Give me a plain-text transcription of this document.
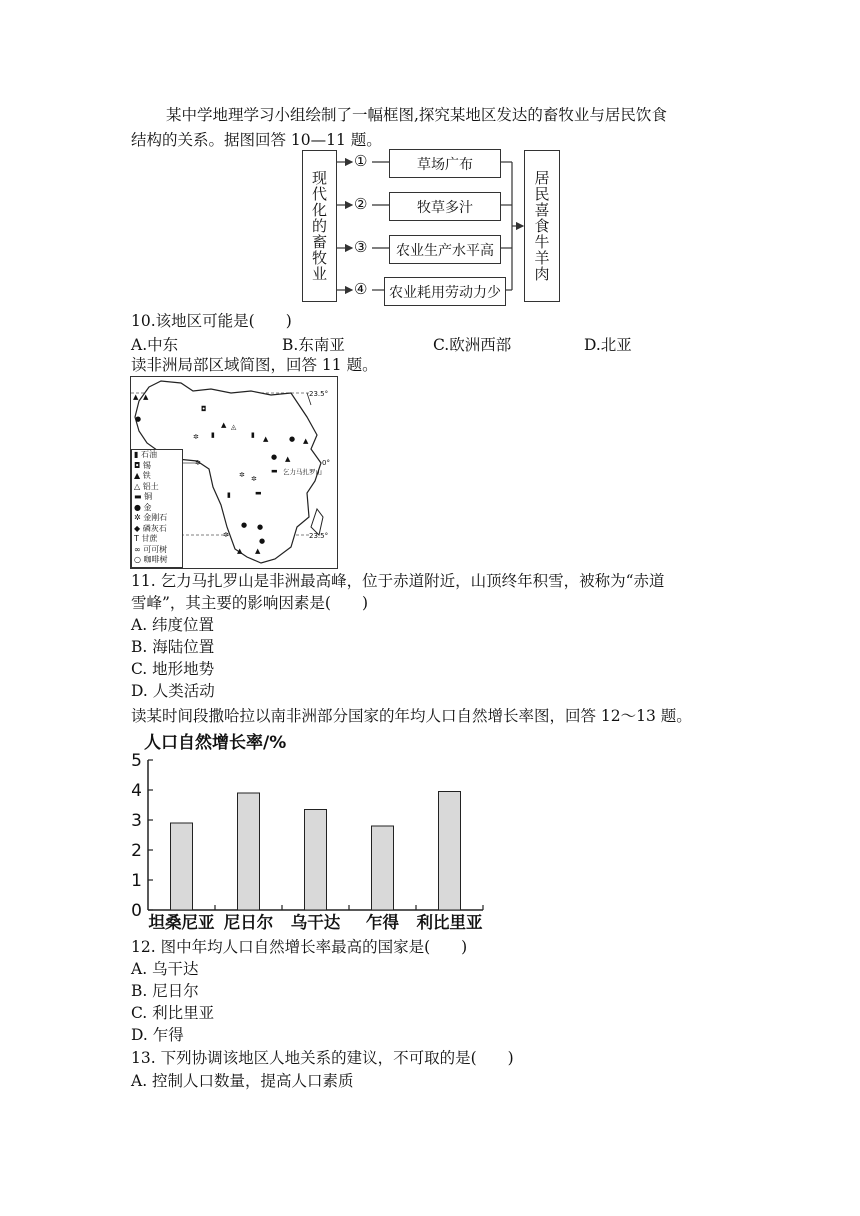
某中学地理学习小组绘制了一幅框图,探究某地区发达的畜牧业与居民饮食
结构的关系。据图回答 10—11 题。
现代化的畜牧业
①
②
③
④
草场广布
牧草多汁
农业生产水平高
农业耗用劳动力少
居民喜食牛羊肉
10.该地区可能是(　　)
A.中东	B.东南亚	C.欧洲西部	D.北亚
读非洲局部区域简图，回答 11 题。
▲ ▲
●
◘
▲ ◬
▮ ▲	● ▲
▮
✲
✲ ✲
▮	▬
▬
▲
● ●
▲ ▲
●
✲
✲
●
23.5°
0°
23.5°
乞力马扎罗山
▮ 石油
◘ 锡
▲ 铁
△ 铝土
▬ 铜
● 金
✲ 金刚石
◆ 磷灰石
T 甘蔗
∞ 可可树
○ 咖啡树
11. 乞力马扎罗山是非洲最高峰，位于赤道附近，山顶终年积雪，被称为“赤道
雪峰”，其主要的影响因素是(　　)
A. 纬度位置
B. 海陆位置
C. 地形地势
D. 人类活动
读某时间段撒哈拉以南非洲部分国家的年均人口自然增长率图，回答 12～13 题。
人口自然增长率/%
0
1
2
3
4
5
坦桑尼亚 尼日尔 乌干达 乍得 利比里亚
12. 图中年均人口自然增长率最高的国家是(　　)
A. 乌干达
B. 尼日尔
C. 利比里亚
D. 乍得
13. 下列协调该地区人地关系的建议，不可取的是(　　)
A. 控制人口数量，提高人口素质
